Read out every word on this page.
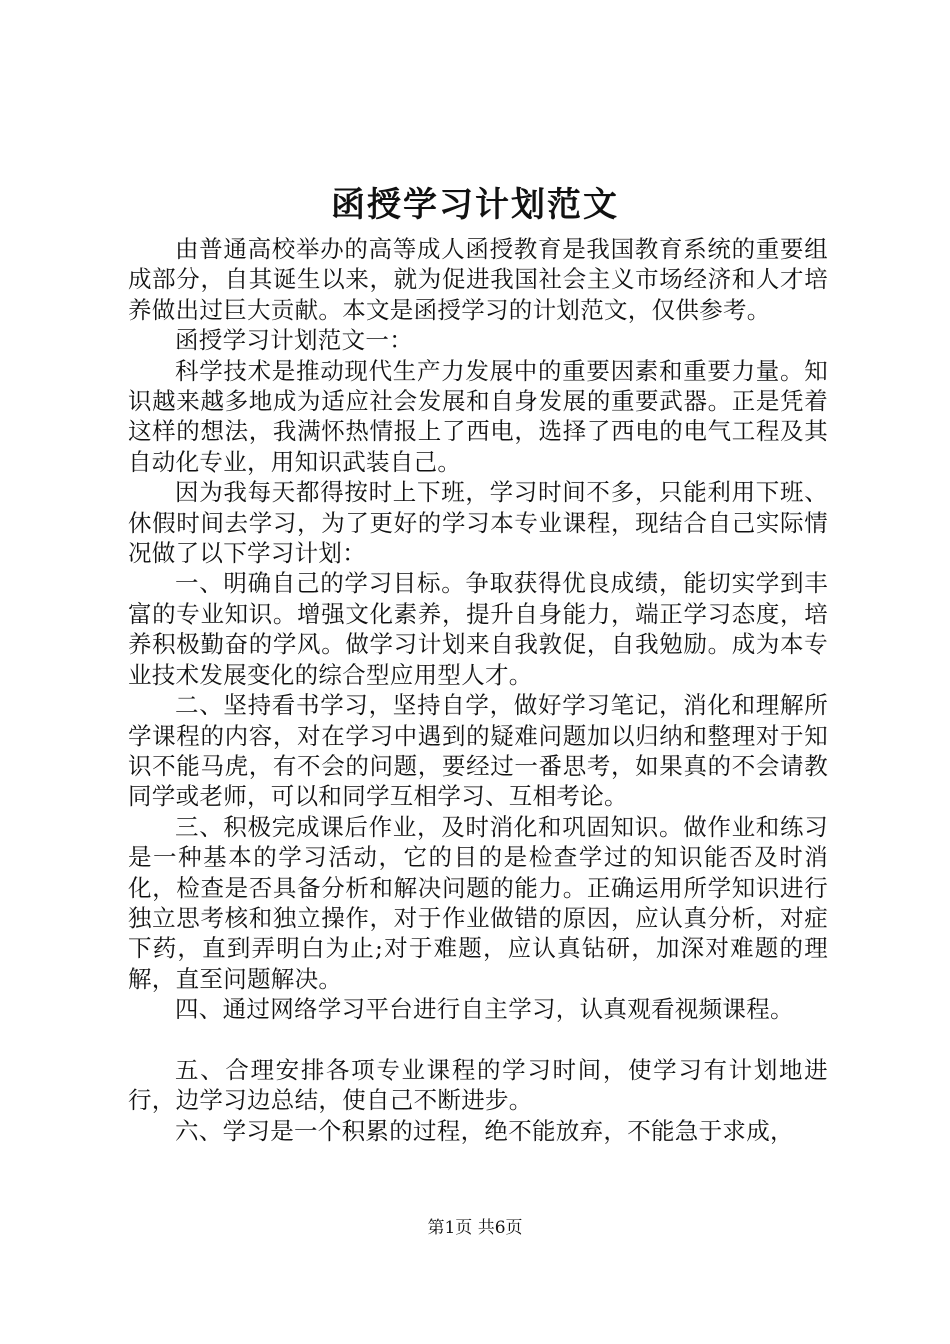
函授学习计划范文

由普通高校举办的高等成人函授教育是我国教育系统的重要组成部分，自其诞生以来，就为促进我国社会主义市场经济和人才培养做出过巨大贡献。本文是函授学习的计划范文，仅供参考。

函授学习计划范文一：

科学技术是推动现代生产力发展中的重要因素和重要力量。知识越来越多地成为适应社会发展和自身发展的重要武器。正是凭着这样的想法，我满怀热情报上了西电，选择了西电的电气工程及其自动化专业，用知识武装自己。

因为我每天都得按时上下班，学习时间不多，只能利用下班、休假时间去学习，为了更好的学习本专业课程，现结合自己实际情况做了以下学习计划：

一、明确自己的学习目标。争取获得优良成绩，能切实学到丰富的专业知识。增强文化素养，提升自身能力，端正学习态度，培养积极勤奋的学风。做学习计划来自我敦促，自我勉励。成为本专业技术发展变化的综合型应用型人才。

二、坚持看书学习，坚持自学，做好学习笔记，消化和理解所学课程的内容，对在学习中遇到的疑难问题加以归纳和整理对于知识不能马虎，有不会的问题，要经过一番思考，如果真的不会请教同学或老师，可以和同学互相学习、互相考论。

三、积极完成课后作业，及时消化和巩固知识。做作业和练习是一种基本的学习活动，它的目的是检查学过的知识能否及时消化，检查是否具备分析和解决问题的能力。正确运用所学知识进行独立思考核和独立操作，对于作业做错的原因，应认真分析，对症下药，直到弄明白为止;对于难题，应认真钻研，加深对难题的理解，直至问题解决。

四、通过网络学习平台进行自主学习，认真观看视频课程。

五、合理安排各项专业课程的学习时间，使学习有计划地进行，边学习边总结，使自己不断进步。

六、学习是一个积累的过程，绝不能放弃，不能急于求成，

第1页 共6页
